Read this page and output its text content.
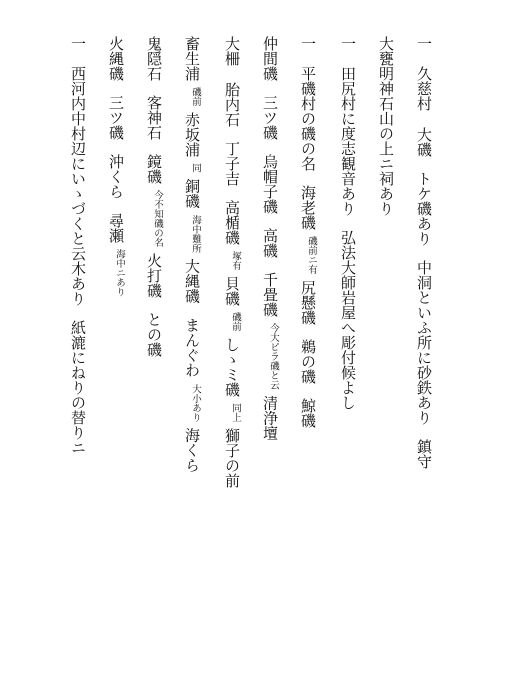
一　久慈村大磯トケ磯あり中洞といふ所に砂鉄あり鎮守
大甕明神石山の上ニ祠あり
一　田尻村に度志観音あり弘法大師岩屋へ彫付候よし
一　平磯村の磯の名海老磯磯前ニ有尻懸磯鵜の磯鯨磯
仲間磯三ツ磯烏帽子磯高磯千畳磯今大ピラ磯と云清浄壇
大柵胎内石丁子吉高楯磯塚有貝磯磯前しゝミ磯同上獅子の前
畜生浦磯前赤坂浦同銅磯海中難所大縄磯まんぐわ大小あり海くら
鬼隠石客神石鏡磯今不知磯の名火打磯との磯
火縄磯三ツ磯沖くら尋瀬海中ニあり
一　西河内中村辺にいゝづくと云木あり紙漉にねりの替りニ
